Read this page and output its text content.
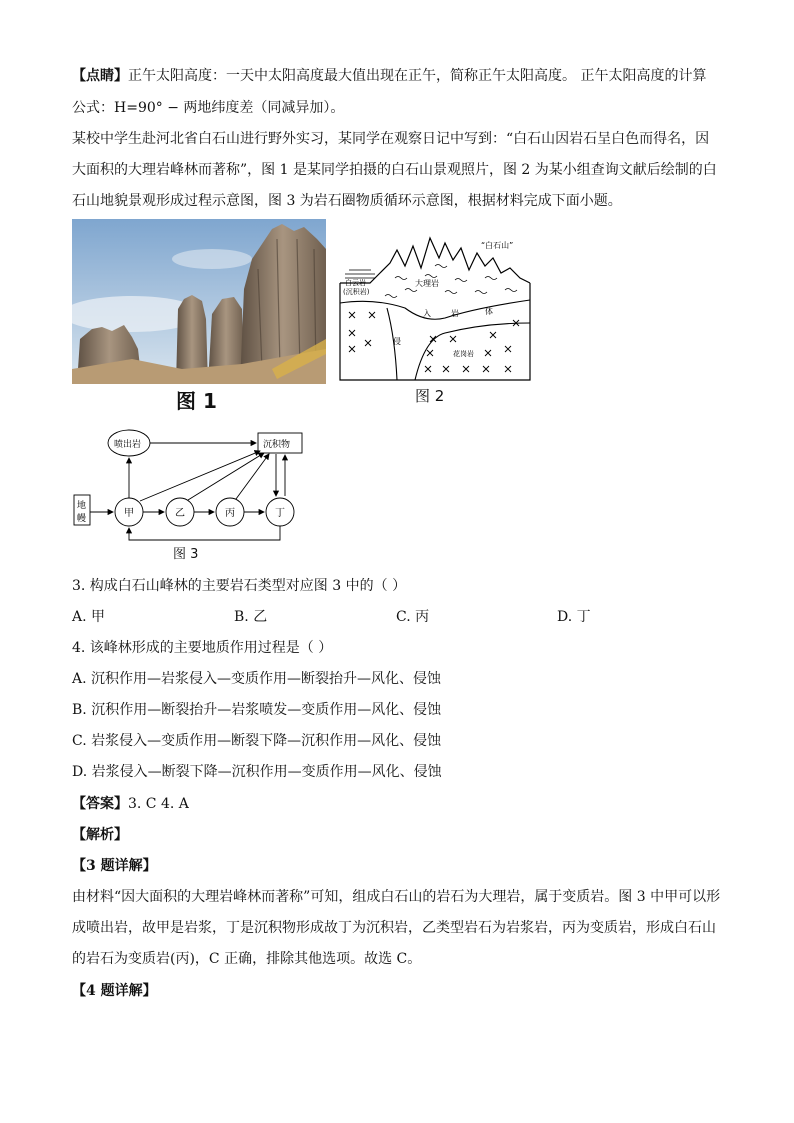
【点睛】正午太阳高度：一天中太阳高度最大值出现在正午，简称正午太阳高度。 正午太阳高度的计算
公式：H=90° − 两地纬度差（同减异加）。
某校中学生赴河北省白石山进行野外实习，某同学在观察日记中写到：“白石山因岩石呈白色而得名，因
大面积的大理岩峰林而著称”，图 1 是某同学拍摄的白石山景观照片，图 2 为某小组查询文献后绘制的白
石山地貌景观形成过程示意图，图 3 为岩石圈物质循环示意图，根据材料完成下面小题。
图 1
“白石山”
白云岩
(沉积岩)
大理岩
入	岩	体
侵
花岗岩
图 2
喷出岩	沉积物
地
幔	甲	乙	丙	丁
图 3
3. 构成白石山峰林的主要岩石类型对应图 3 中的（ ）
A. 甲	B. 乙	C. 丙	D. 丁
4. 该峰林形成的主要地质作用过程是（ ）
A. 沉积作用—岩浆侵入—变质作用—断裂抬升—风化、侵蚀
B. 沉积作用—断裂抬升—岩浆喷发—变质作用—风化、侵蚀
C. 岩浆侵入—变质作用—断裂下降—沉积作用—风化、侵蚀
D. 岩浆侵入—断裂下降—沉积作用—变质作用—风化、侵蚀
【答案】3. C 4. A
【解析】
【3 题详解】
由材料“因大面积的大理岩峰林而著称”可知，组成白石山的岩石为大理岩，属于变质岩。图 3 中甲可以形
成喷出岩，故甲是岩浆，丁是沉积物形成故丁为沉积岩，乙类型岩石为岩浆岩，丙为变质岩，形成白石山
的岩石为变质岩(丙)，C 正确，排除其他选项。故选 C。
【4 题详解】
